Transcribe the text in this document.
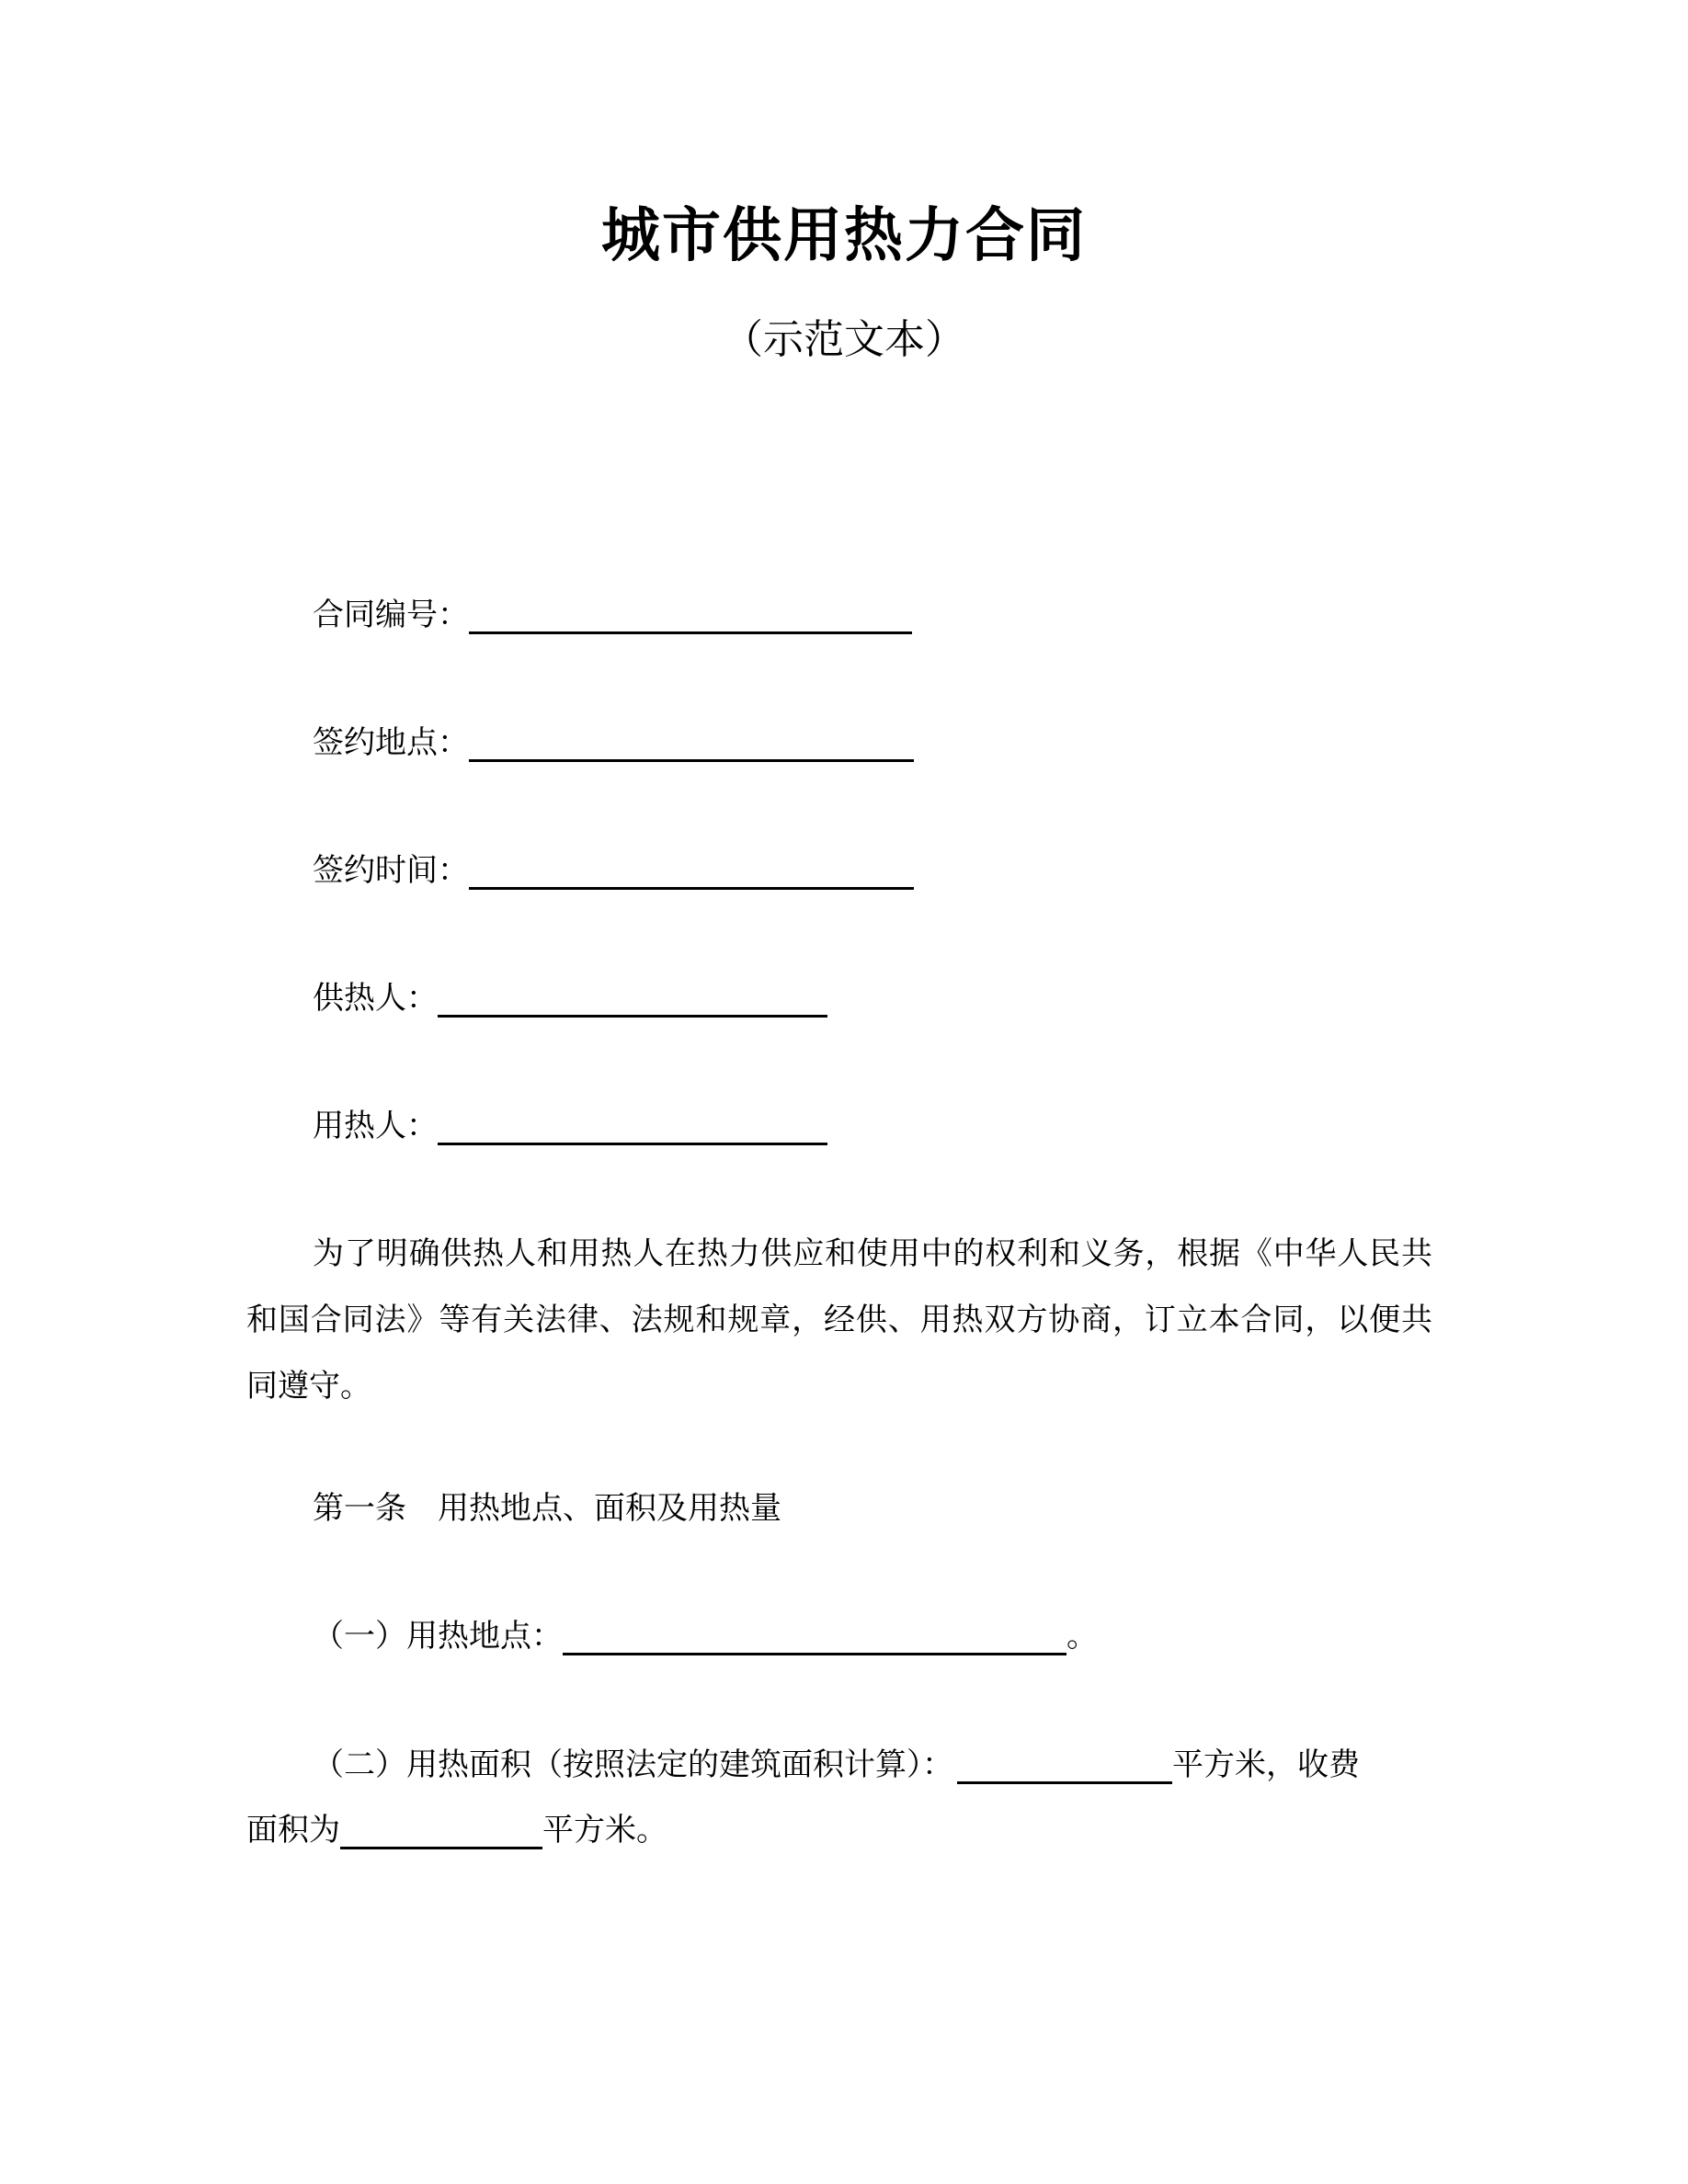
城市供用热力合同
（示范文本）
合同编号：
签约地点：
签约时间：
供热人：
用热人：
为了明确供热人和用热人在热力供应和使用中的权利和义务，根据《中华人民共和国合同法》等有关法律、法规和规章，经供、用热双方协商，订立本合同，以便共同遵守。
第一条 用热地点、面积及用热量
（一）用热地点：	。
（二）用热面积（按照法定的建筑面积计算）：	平方米，收费
面积为	平方米。
